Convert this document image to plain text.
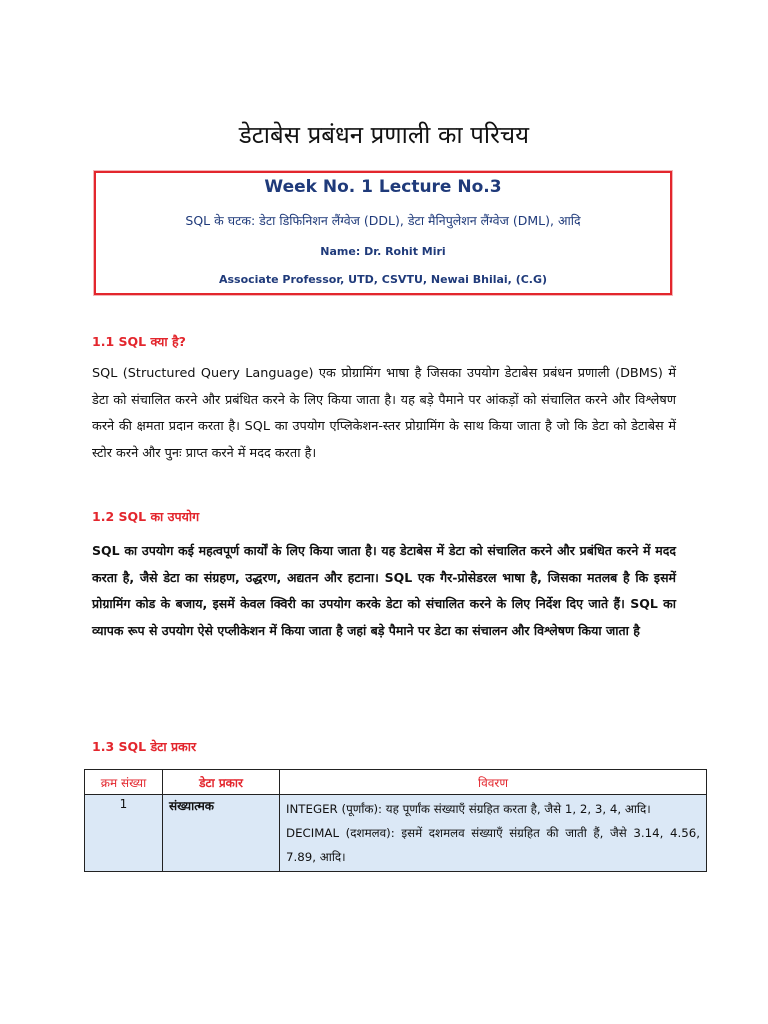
डेटाबेस प्रबंधन प्रणाली का परिचय
Week No. 1 Lecture No.3
SQL के घटक: डेटा डिफिनिशन लैंग्वेज (DDL), डेटा मैनिपुलेशन लैंग्वेज (DML), आदि
Name: Dr. Rohit Miri
Associate Professor, UTD, CSVTU, Newai Bhilai, (C.G)
1.1 SQL क्या है?
SQL (Structured Query Language) एक प्रोग्रामिंग भाषा है जिसका उपयोग डेटाबेस प्रबंधन प्रणाली (DBMS) में डेटा को संचालित करने और प्रबंधित करने के लिए किया जाता है। यह बड़े पैमाने पर आंकड़ों को संचालित करने और विश्लेषण करने की क्षमता प्रदान करता है। SQL का उपयोग एप्लिकेशन-स्तर प्रोग्रामिंग के साथ किया जाता है जो कि डेटा को डेटाबेस में स्टोर करने और पुनः प्राप्त करने में मदद करता है।
1.2 SQL का उपयोग
SQL का उपयोग कई महत्वपूर्ण कार्यों के लिए किया जाता है। यह डेटाबेस में डेटा को संचालित करने और प्रबंधित करने में मदद करता है, जैसे डेटा का संग्रहण, उद्धरण, अद्यतन और हटाना। SQL एक गैर-प्रोसेडरल भाषा है, जिसका मतलब है कि इसमें प्रोग्रामिंग कोड के बजाय, इसमें केवल क्विरी का उपयोग करके डेटा को संचालित करने के लिए निर्देश दिए जाते हैं। SQL का व्यापक रूप से उपयोग ऐसे एप्लीकेशन में किया जाता है जहां बड़े पैमाने पर डेटा का संचालन और विश्लेषण किया जाता है
1.3 SQL डेटा प्रकार
क्रम संख्या	डेटा प्रकार	विवरण
1	संख्यात्मक	INTEGER (पूर्णांक): यह पूर्णांक संख्याएँ संग्रहित करता है, जैसे 1, 2, 3, 4, आदि।
DECIMAL (दशमलव): इसमें दशमलव संख्याएँ संग्रहित की जाती हैं, जैसे 3.14, 4.56, 7.89, आदि।
